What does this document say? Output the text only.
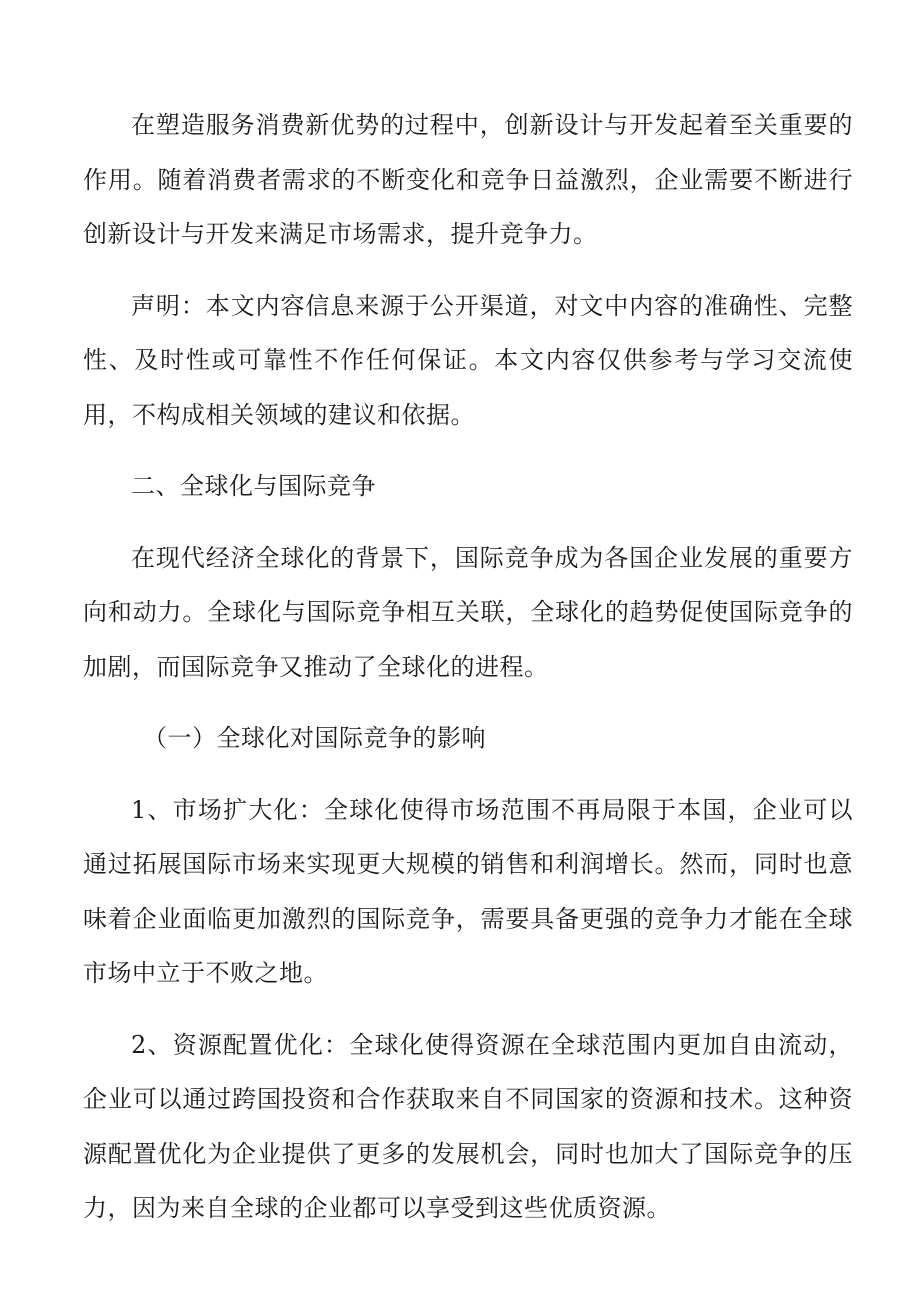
在塑造服务消费新优势的过程中，创新设计与开发起着至关重要的作用。随着消费者需求的不断变化和竞争日益激烈，企业需要不断进行创新设计与开发来满足市场需求，提升竞争力。

声明：本文内容信息来源于公开渠道，对文中内容的准确性、完整性、及时性或可靠性不作任何保证。本文内容仅供参考与学习交流使用，不构成相关领域的建议和依据。

二、全球化与国际竞争

在现代经济全球化的背景下，国际竞争成为各国企业发展的重要方向和动力。全球化与国际竞争相互关联，全球化的趋势促使国际竞争的加剧，而国际竞争又推动了全球化的进程。

（一）全球化对国际竞争的影响

1、市场扩大化：全球化使得市场范围不再局限于本国，企业可以通过拓展国际市场来实现更大规模的销售和利润增长。然而，同时也意味着企业面临更加激烈的国际竞争，需要具备更强的竞争力才能在全球市场中立于不败之地。

2、资源配置优化：全球化使得资源在全球范围内更加自由流动，企业可以通过跨国投资和合作获取来自不同国家的资源和技术。这种资源配置优化为企业提供了更多的发展机会，同时也加大了国际竞争的压力，因为来自全球的企业都可以享受到这些优质资源。
